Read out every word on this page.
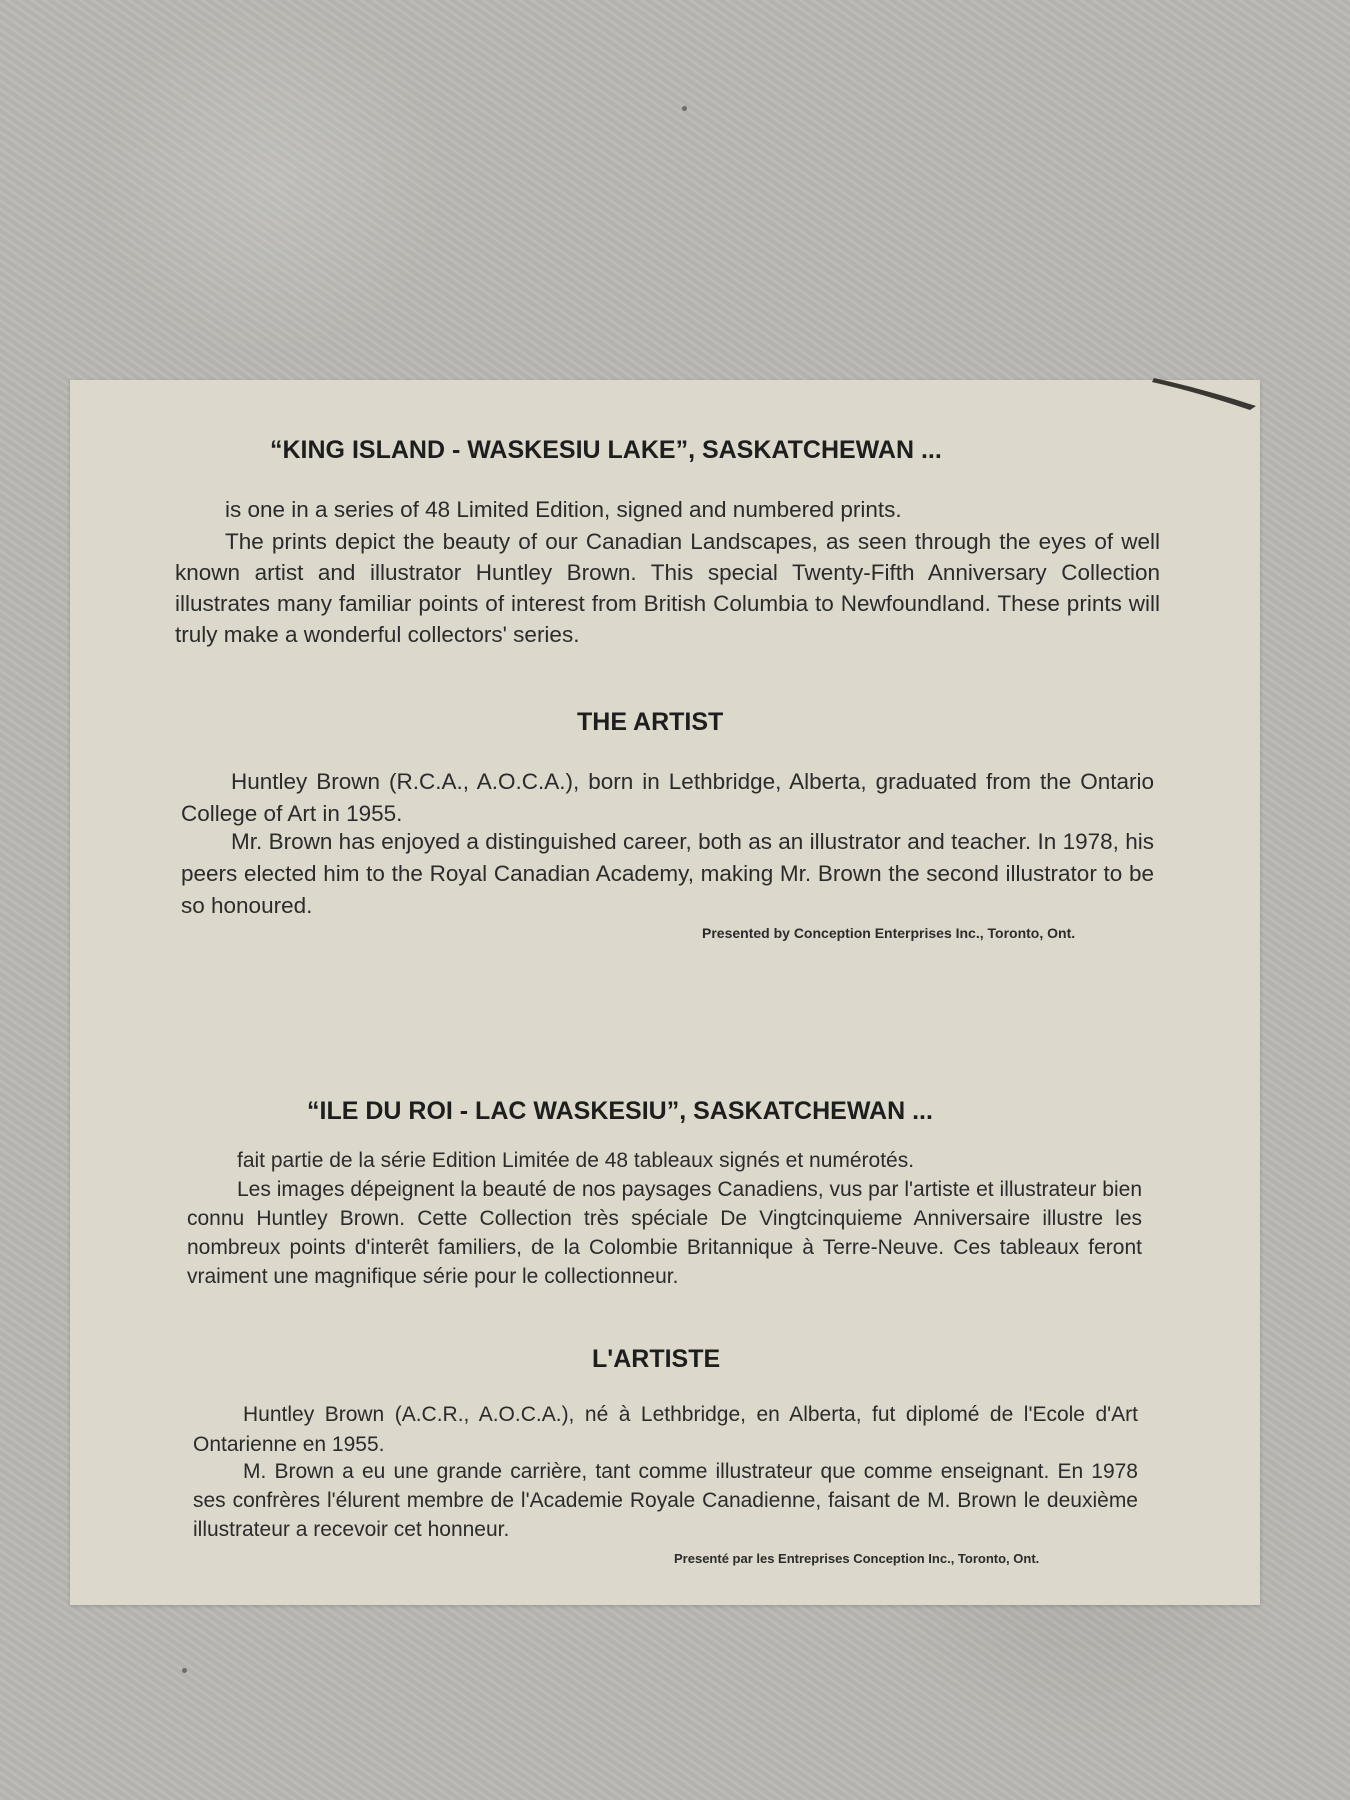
“KING ISLAND - WASKESIU LAKE”, SASKATCHEWAN ...

is one in a series of 48 Limited Edition, signed and numbered prints.

The prints depict the beauty of our Canadian Landscapes, as seen through the eyes of well known artist and illustrator Huntley Brown. This special Twenty-Fifth Anniversary Collection illustrates many familiar points of interest from British Columbia to Newfoundland. These prints will truly make a wonderful collectors' series.

THE ARTIST

Huntley Brown (R.C.A., A.O.C.A.), born in Lethbridge, Alberta, graduated from the Ontario College of Art in 1955.

Mr. Brown has enjoyed a distinguished career, both as an illustrator and teacher. In 1978, his peers elected him to the Royal Canadian Academy, making Mr. Brown the second illustrator to be so honoured.

Presented by Conception Enterprises Inc., Toronto, Ont.

“ILE DU ROI - LAC WASKESIU”, SASKATCHEWAN ...

fait partie de la série Edition Limitée de 48 tableaux signés et numérotés.

Les images dépeignent la beauté de nos paysages Canadiens, vus par l'artiste et illustrateur bien connu Huntley Brown. Cette Collection très spéciale De Vingtcinquieme Anniversaire illustre les nombreux points d'interêt familiers, de la Colombie Britannique à Terre-Neuve. Ces tableaux feront vraiment une magnifique série pour le collectionneur.

L'ARTISTE

Huntley Brown (A.C.R., A.O.C.A.), né à Lethbridge, en Alberta, fut diplomé de l'Ecole d'Art Ontarienne en 1955.

M. Brown a eu une grande carrière, tant comme illustrateur que comme enseignant. En 1978 ses confrères l'élurent membre de l'Academie Royale Canadienne, faisant de M. Brown le deuxième illustrateur a recevoir cet honneur.

Presenté par les Entreprises Conception Inc., Toronto, Ont.
